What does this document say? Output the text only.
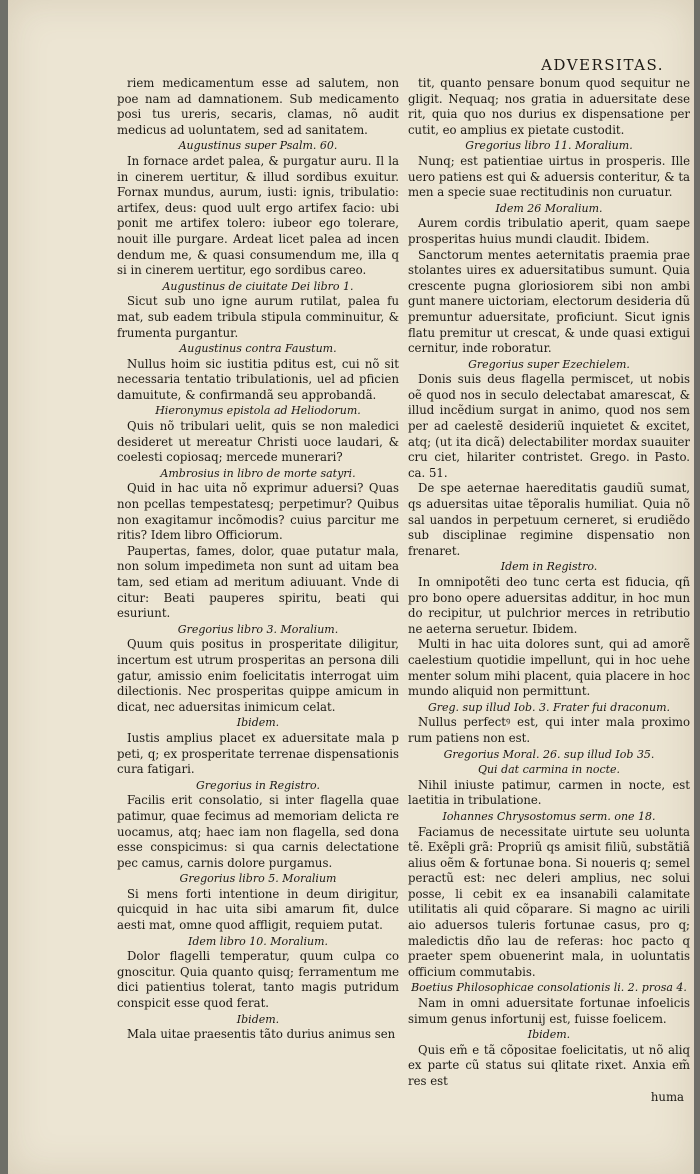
ADVERSITAS.

riem medicamentum esse ad salutem, non poe nam ad damnationem. Sub medicamento posi tus ureris, secaris, clamas, nõ audit medicus ad uoluntatem, sed ad sanitatem.

Augustinus super Psalm. 60.

In fornace ardet palea, & purgatur auru. Il la in cinerem uertitur, & illud sordibus exuitur. Fornax mundus, aurum, iusti: ignis, tribulatio: artifex, deus: quod uult ergo artifex facio: ubi ponit me artifex tolero: iubeor ego tolerare, nouit ille purgare. Ardeat licet palea ad incen dendum me, & quasi consumendum me, illa q si in cinerem uertitur, ego sordibus careo.

Augustinus de ciuitate Dei libro 1.

Sicut sub uno igne aurum rutilat, palea fu mat, sub eadem tribula stipula comminuitur, & frumenta purgantur.

Augustinus contra Faustum.

Nullus hoim sic iustitia pditus est, cui nõ sit necessaria tentatio tribulationis, uel ad pficien damuitute, & confirmandã seu approbandã.

Hieronymus epistola ad Heliodorum.

Quis nõ tribulari uelit, quis se non maledici desideret ut mereatur Christi uoce laudari, & coelesti copiosaq; mercede munerari?

Ambrosius in libro de morte satyri.

Quid in hac uita nõ exprimur aduersi? Quas non pcellas tempestatesq; perpetimur? Quibus non exagitamur incõmodis? cuius parcitur me ritis? Idem libro Officiorum.

Paupertas, fames, dolor, quae putatur mala, non solum impedimeta non sunt ad uitam bea tam, sed etiam ad meritum adiuuant. Vnde di citur: Beati pauperes spiritu, beati qui esuriunt.

Gregorius libro 3. Moralium.

Quum quis positus in prosperitate diligitur, incertum est utrum prosperitas an persona dili gatur, amissio enim foelicitatis interrogat uim dilectionis. Nec prosperitas quippe amicum in dicat, nec aduersitas inimicum celat.

Ibidem.

Iustis amplius placet ex aduersitate mala p peti, q; ex prosperitate terrenae dispensationis cura fatigari.

Gregorius in Registro.

Facilis erit consolatio, si inter flagella quae patimur, quae fecimus ad memoriam delicta re uocamus, atq; haec iam non flagella, sed dona esse conspicimus: si qua carnis delectatione pec camus, carnis dolore purgamus.

Gregorius libro 5. Moralium

Si mens forti intentione in deum dirigitur, quicquid in hac uita sibi amarum fit, dulce aesti mat, omne quod affligit, requiem putat.

Idem libro 10. Moralium.

Dolor flagelli temperatur, quum culpa co gnoscitur. Quia quanto quisq; ferramentum me dici patientius tolerat, tanto magis putridum conspicit esse quod ferat.

Ibidem.

Mala uitae praesentis tãto durius animus sen

tit, quanto pensare bonum quod sequitur ne gligit. Nequaq; nos gratia in aduersitate dese rit, quia quo nos durius ex dispensatione per cutit, eo amplius ex pietate custodit.

Gregorius libro 11. Moralium.

Nunq; est patientiae uirtus in prosperis. Ille uero patiens est qui & aduersis conteritur, & ta men a specie suae rectitudinis non curuatur.

Idem 26 Moralium.

Aurem cordis tribulatio aperit, quam saepe prosperitas huius mundi claudit. Ibidem.

Sanctorum mentes aeternitatis praemia prae stolantes uires ex aduersitatibus sumunt. Quia crescente pugna gloriosiorem sibi non ambi gunt manere uictoriam, electorum desideria dũ premuntur aduersitate, proficiunt. Sicut ignis flatu premitur ut crescat, & unde quasi extigui cernitur, inde roboratur.

Gregorius super Ezechielem.

Donis suis deus flagella permiscet, ut nobis oẽ quod nos in seculo delectabat amarescat, & illud incẽdium surgat in animo, quod nos sem per ad caelestẽ desideriũ inquietet & excitet, atq; (ut ita dicã) delectabiliter mordax suauiter cru ciet, hilariter contristet. Grego. in Pasto. ca. 51.

De spe aeternae haereditatis gaudiũ sumat, qs aduersitas uitae tẽporalis humiliat. Quia nõ sal uandos in perpetuum cerneret, si erudiẽdo sub disciplinae regimine dispensatio non frenaret.

Idem in Registro.

In omnipotẽti deo tunc certa est fiducia, qñ pro bono opere aduersitas additur, in hoc mun do recipitur, ut pulchrior merces in retributio ne aeterna seruetur. Ibidem.

Multi in hac uita dolores sunt, qui ad amorẽ caelestium quotidie impellunt, qui in hoc uehe menter solum mihi placent, quia placere in hoc mundo aliquid non permittunt.

Greg. sup illud Iob. 3. Frater fui draconum.

Nullus perfectꝰ est, qui inter mala proximo rum patiens non est.

Gregorius Moral. 26. sup illud Iob 35.

Qui dat carmina in nocte.

Nihil iniuste patimur, carmen in nocte, est laetitia in tribulatione.

Iohannes Chrysostomus serm. one 18.

Faciamus de necessitate uirtute seu uolunta tẽ. Exẽpli grã: Propriũ qs amisit filiũ, substãtiã alius oẽm & fortunae bona. Si noueris q; semel peractũ est: nec deleri amplius, nec solui posse, li cebit ex ea insanabili calamitate utilitatis ali quid cõparare. Si magno ac uirili aio aduersos tuleris fortunae casus, pro q; maledictis dño lau de referas: hoc pacto q praeter spem obuenerint mala, in uoluntatis officium commutabis.

Boetius Philosophicae consolationis li. 2. prosa 4.

Nam in omni aduersitate fortunae infoelicis simum genus infortunij est, fuisse foelicem.

Ibidem.

Quis em̃ e tã cõpositae foelicitatis, ut nõ aliq ex parte cũ status sui qlitate rixet. Anxia em̃ res est

huma
